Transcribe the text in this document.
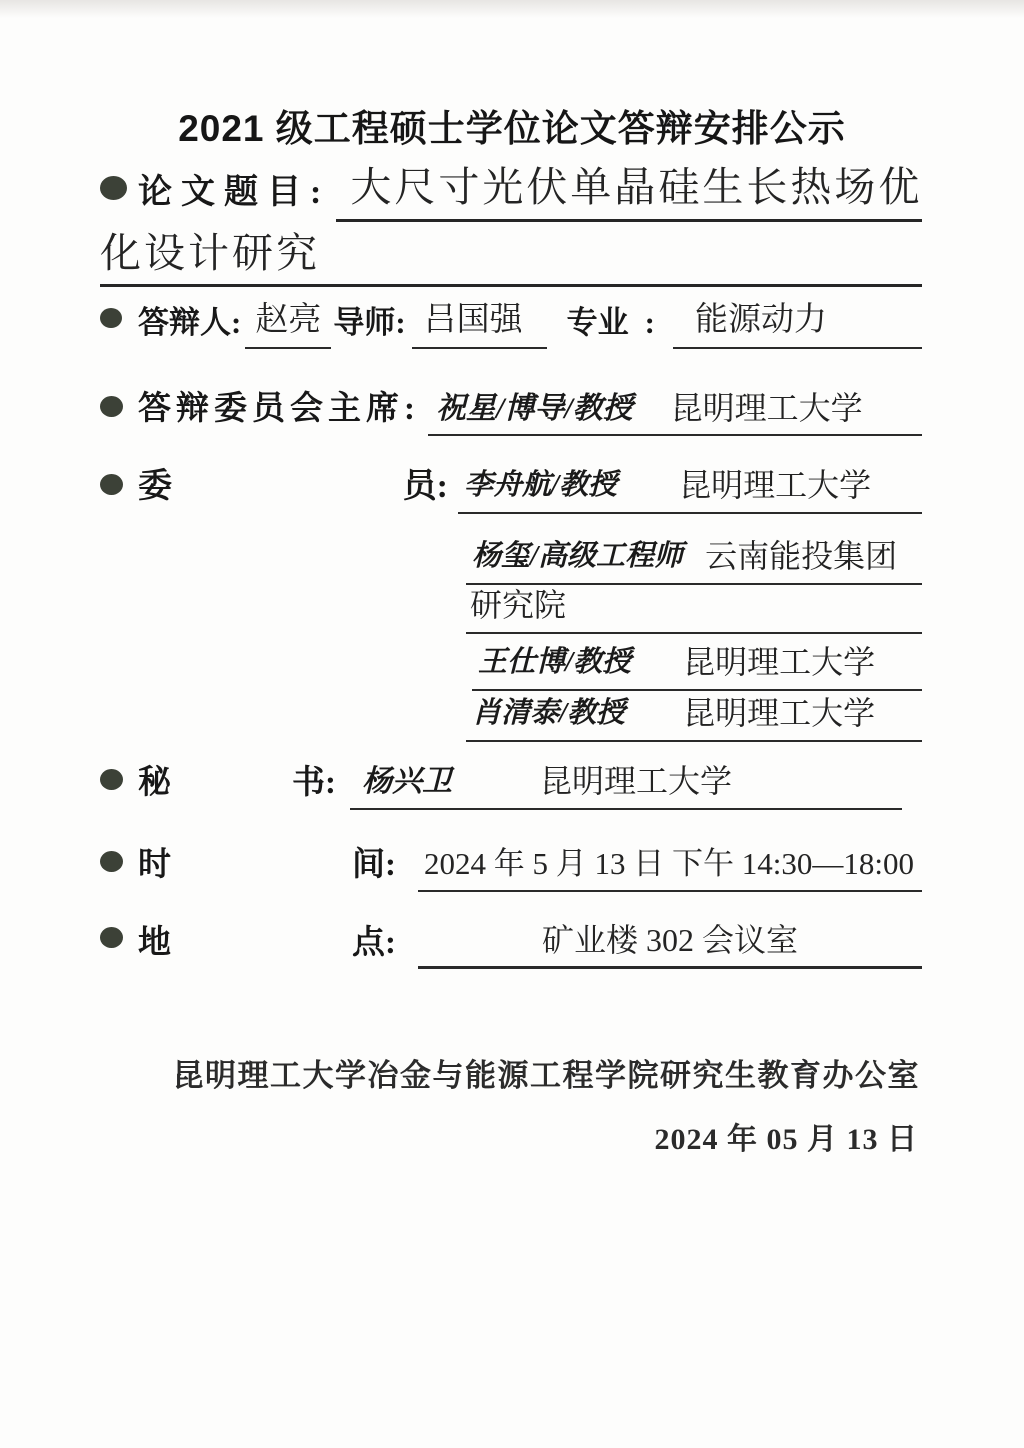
2021 级工程硕士学位论文答辩安排公示
论文题目: 大尺寸光伏单晶硅生长热场优
化设计研究
答辩人: 赵亮 导师: 吕国强	专业 :	能源动力
答辩委员会主席: 祝星/博导/教授 昆明理工大学
委	员: 李舟航/教授 昆明理工大学
杨玺/高级工程师 云南能投集团
研究院
王仕博/教授 昆明理工大学
肖清泰/教授 昆明理工大学
秘	书: 杨兴卫	昆明理工大学
时	间: 2024 年 5 月 13 日 下午 14:30—18:00
地	点:	矿业楼 302 会议室
昆明理工大学冶金与能源工程学院研究生教育办公室
2024 年 05 月 13 日
